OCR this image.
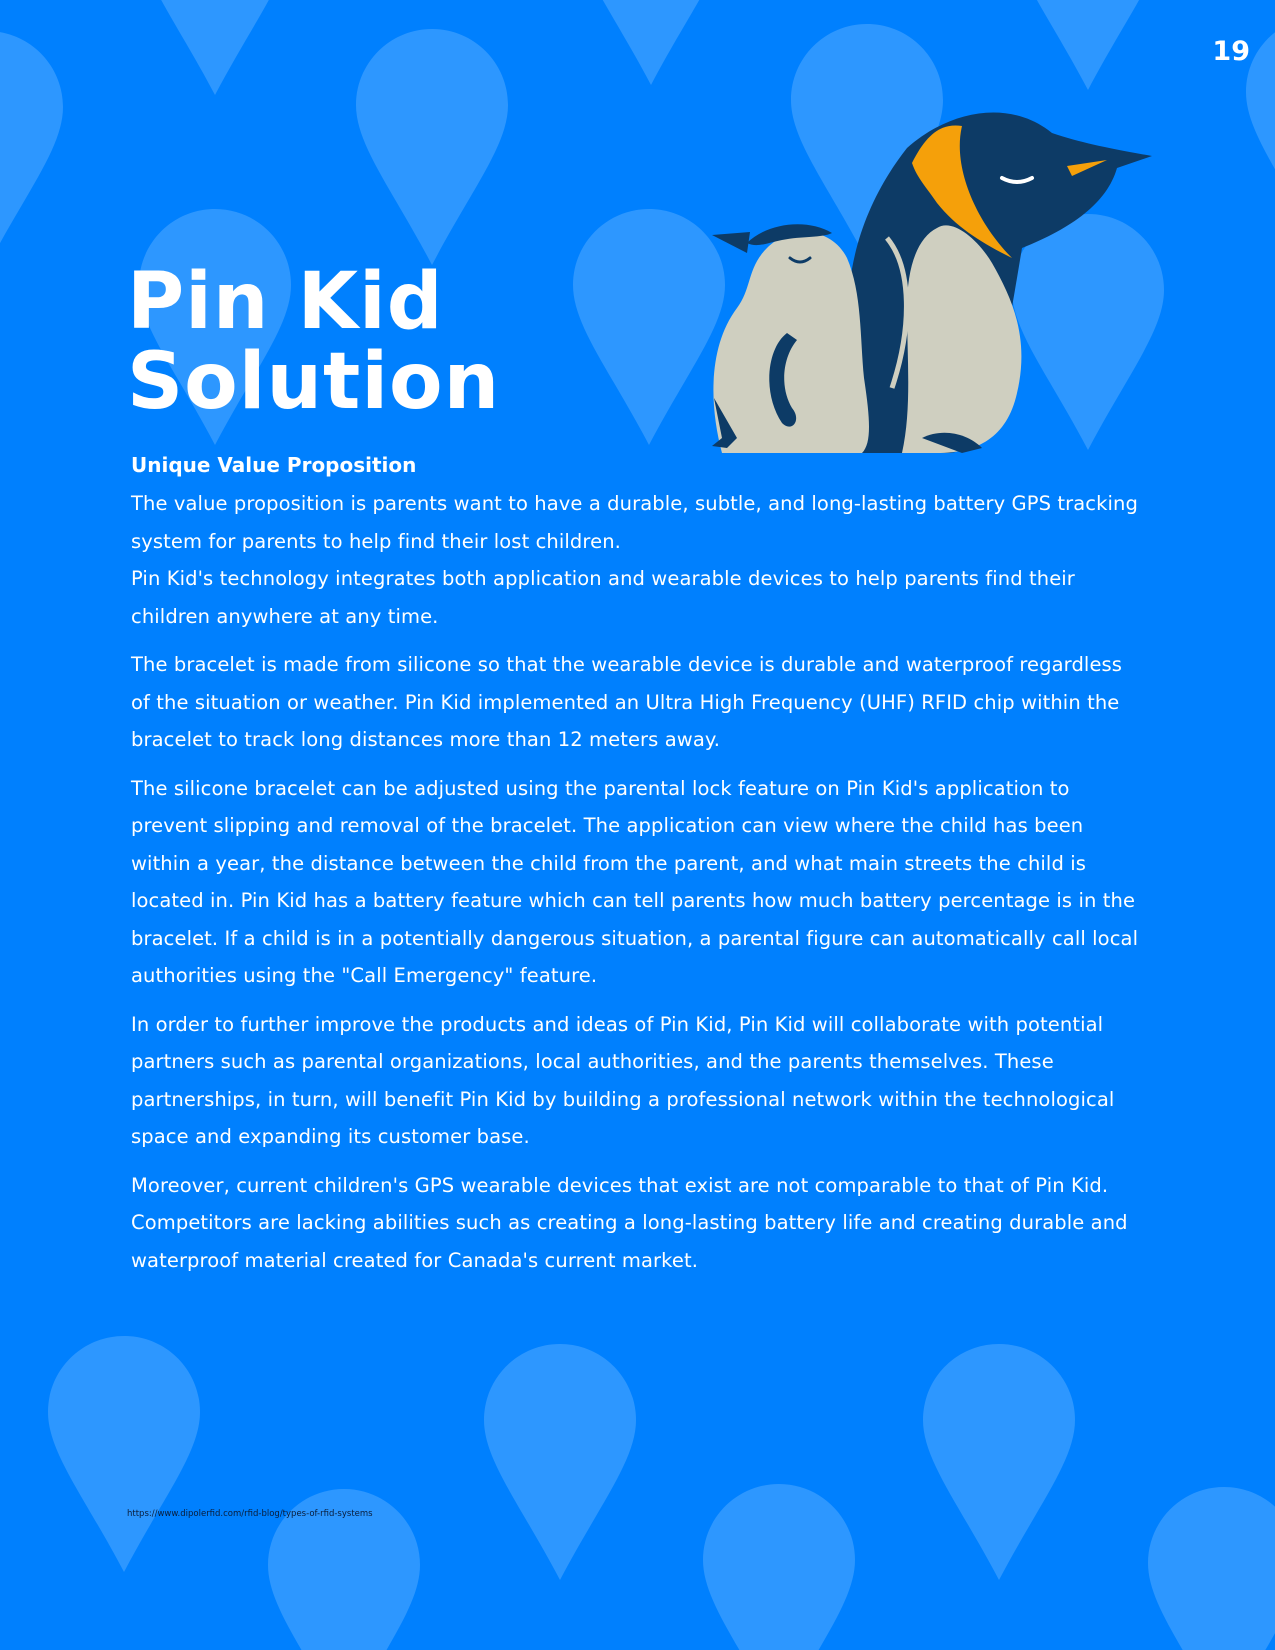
19
Pin Kid
Solution
Unique Value Proposition

The value proposition is parents want to have a durable, subtle, and long-lasting battery GPS tracking system for parents to help find their lost children.

Pin Kid's technology integrates both application and wearable devices to help parents find their children anywhere at any time.

The bracelet is made from silicone so that the wearable device is durable and waterproof regardless of the situation or weather. Pin Kid implemented an Ultra High Frequency (UHF) RFID chip within the bracelet to track long distances more than 12 meters away.

The silicone bracelet can be adjusted using the parental lock feature on Pin Kid's application to prevent slipping and removal of the bracelet. The application can view where the child has been within a year, the distance between the child from the parent, and what main streets the child is located in. Pin Kid has a battery feature which can tell parents how much battery percentage is in the bracelet. If a child is in a potentially dangerous situation, a parental figure can automatically call local authorities using the "Call Emergency" feature.

In order to further improve the products and ideas of Pin Kid, Pin Kid will collaborate with potential partners such as parental organizations, local authorities, and the parents themselves. These partnerships, in turn, will benefit Pin Kid by building a professional network within the technological space and expanding its customer base.

Moreover, current children's GPS wearable devices that exist are not comparable to that of Pin Kid. Competitors are lacking abilities such as creating a long-lasting battery life and creating durable and waterproof material created for Canada's current market.

https://www.dipolerfid.com/rfid-blog/types-of-rfid-systems
